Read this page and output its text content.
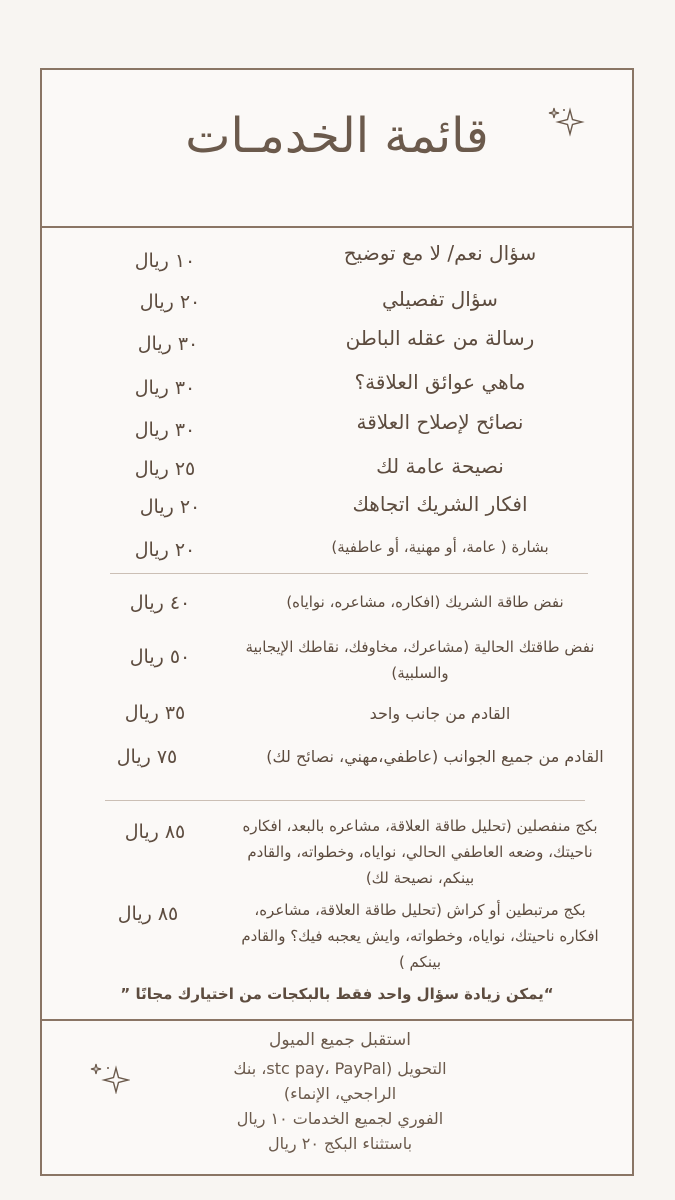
قائمة الخدمـات
سؤال نعم/ لا مع توضيح
١٠ ريال
سؤال تفصيلي
٢٠ ريال
رسالة من عقله الباطن
٣٠ ريال
ماهي عوائق العلاقة؟
٣٠ ريال
نصائح لإصلاح العلاقة
٣٠ ريال
نصيحة عامة لك
٢٥ ريال
افكار الشريك اتجاهك
٢٠ ريال
بشارة ( عامة، أو مهنية، أو عاطفية)
٢٠ ريال
نفض طاقة الشريك (افكاره، مشاعره، نواياه)
٤٠ ريال
نفض طاقتك الحالية (مشاعرك، مخاوفك، نقاطك الإيجابية والسلبية)
٥٠ ريال
القادم من جانب واحد
٣٥ ريال
القادم من جميع الجوانب (عاطفي،مهني، نصائح لك)
٧٥ ريال
بكج منفصلين (تحليل طاقة العلاقة، مشاعره بالبعد، افكاره ناحيتك، وضعه العاطفي الحالي، نواياه، وخطواته، والقادم بينكم، نصيحة لك)
٨٥ ريال
بكج مرتبطين أو كراش (تحليل طاقة العلاقة، مشاعره، افكاره ناحيتك، نواياه، وخطواته، وايش يعجبه فيك؟ والقادم بينكم )
٨٥ ريال
“يمكن زيادة سؤال واحد فقط بالبكجات من اختيارك مجانًا ”
استقبل جميع الميول
التحويل (stc pay، PayPal، بنك
الراجحي، الإنماء)
الفوري لجميع الخدمات ١٠ ريال
باستثناء البكج ٢٠ ريال
